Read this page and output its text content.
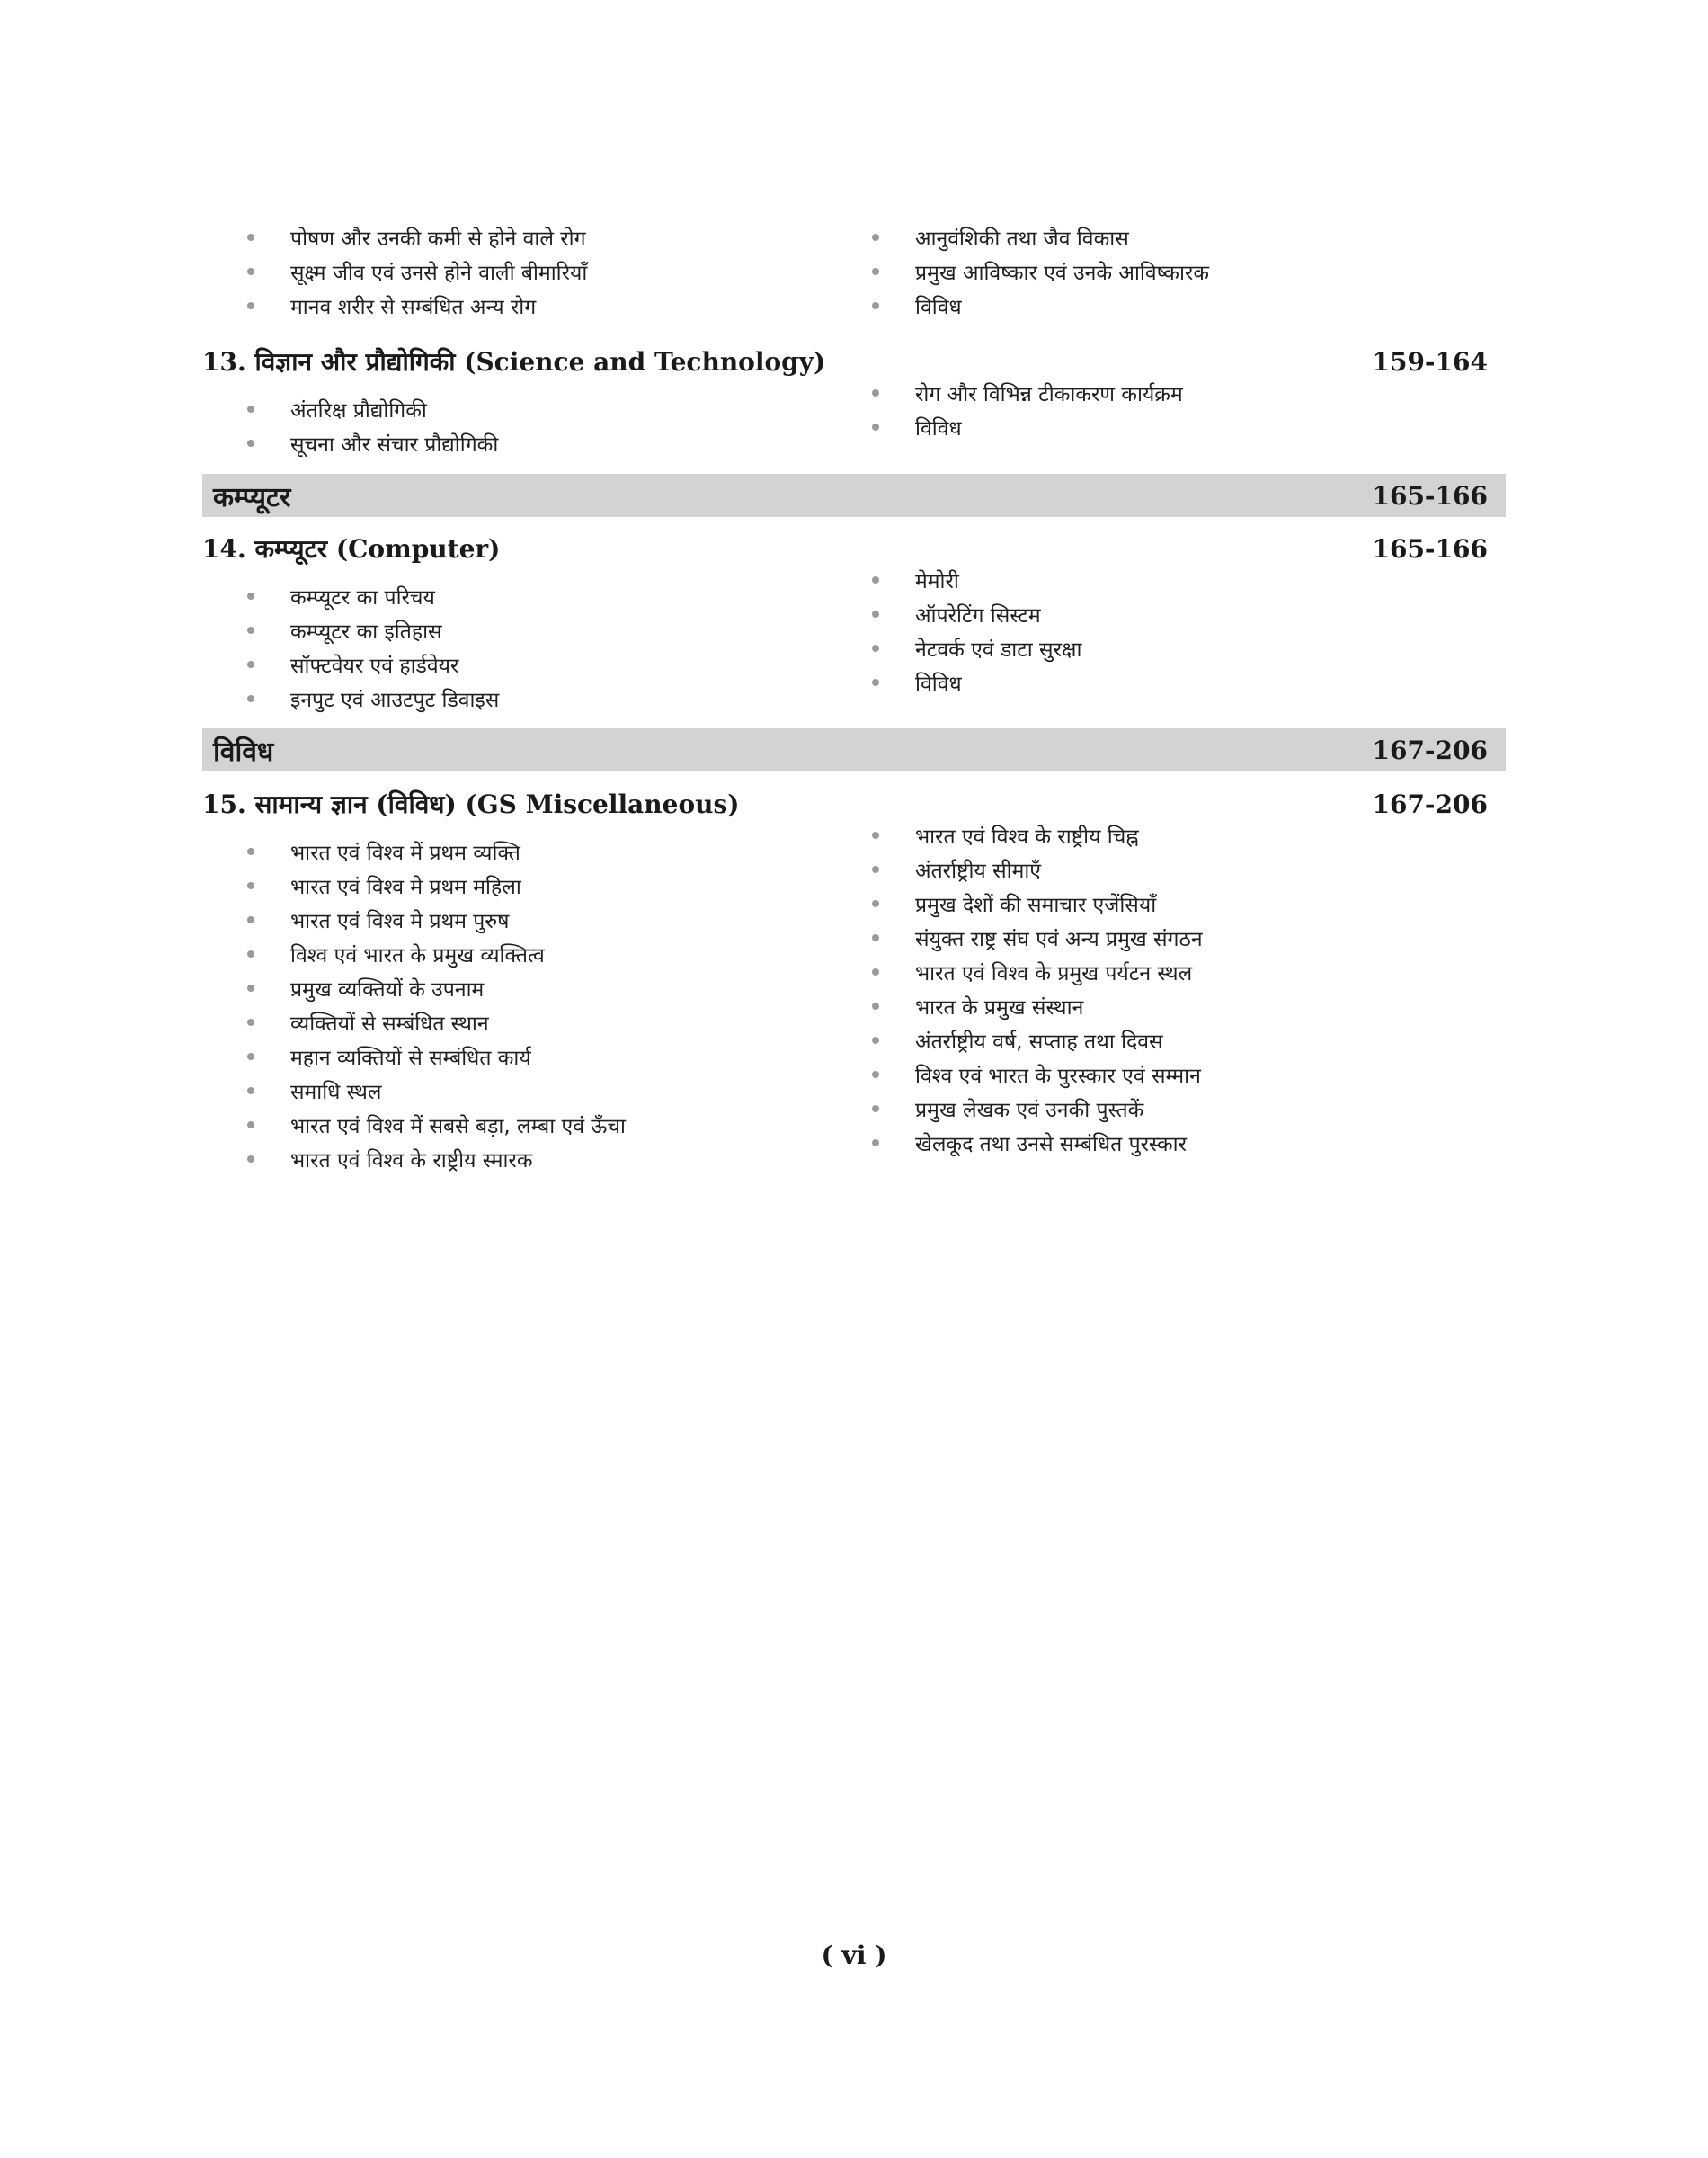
पोषण और उनकी कमी से होने वाले रोग
सूक्ष्म जीव एवं उनसे होने वाली बीमारियाँ
मानव शरीर से सम्बंधित अन्य रोग
आनुवंशिकी तथा जैव विकास
प्रमुख आविष्कार एवं उनके आविष्कारक
विविध
13. विज्ञान और प्रौद्योगिकी (Science and Technology)	159-164
अंतरिक्ष प्रौद्योगिकी
सूचना और संचार प्रौद्योगिकी
रोग और विभिन्न टीकाकरण कार्यक्रम
विविध
कम्प्यूटर	165-166
14. कम्प्यूटर (Computer)	165-166
कम्प्यूटर का परिचय
कम्प्यूटर का इतिहास
सॉफ्टवेयर एवं हार्डवेयर
इनपुट एवं आउटपुट डिवाइस
मेमोरी
ऑपरेटिंग सिस्टम
नेटवर्क एवं डाटा सुरक्षा
विविध
विविध	167-206
15. सामान्य ज्ञान (विविध) (GS Miscellaneous)	167-206
भारत एवं विश्व में प्रथम व्यक्ति
भारत एवं विश्व मे प्रथम महिला
भारत एवं विश्व मे प्रथम पुरुष
विश्व एवं भारत के प्रमुख व्यक्तित्व
प्रमुख व्यक्तियों के उपनाम
व्यक्तियों से सम्बंधित स्थान
महान व्यक्तियों से सम्बंधित कार्य
समाधि स्थल
भारत एवं विश्व में सबसे बड़ा, लम्बा एवं ऊँचा
भारत एवं विश्व के राष्ट्रीय स्मारक
भारत एवं विश्व के राष्ट्रीय चिह्न
अंतर्राष्ट्रीय सीमाएँ
प्रमुख देशों की समाचार एजेंसियाँ
संयुक्त राष्ट्र संघ एवं अन्य प्रमुख संगठन
भारत एवं विश्व के प्रमुख पर्यटन स्थल
भारत के प्रमुख संस्थान
अंतर्राष्ट्रीय वर्ष, सप्ताह तथा दिवस
विश्व एवं भारत के पुरस्कार एवं सम्मान
प्रमुख लेखक एवं उनकी पुस्तकें
खेलकूद तथा उनसे सम्बंधित पुरस्कार
( vi )
